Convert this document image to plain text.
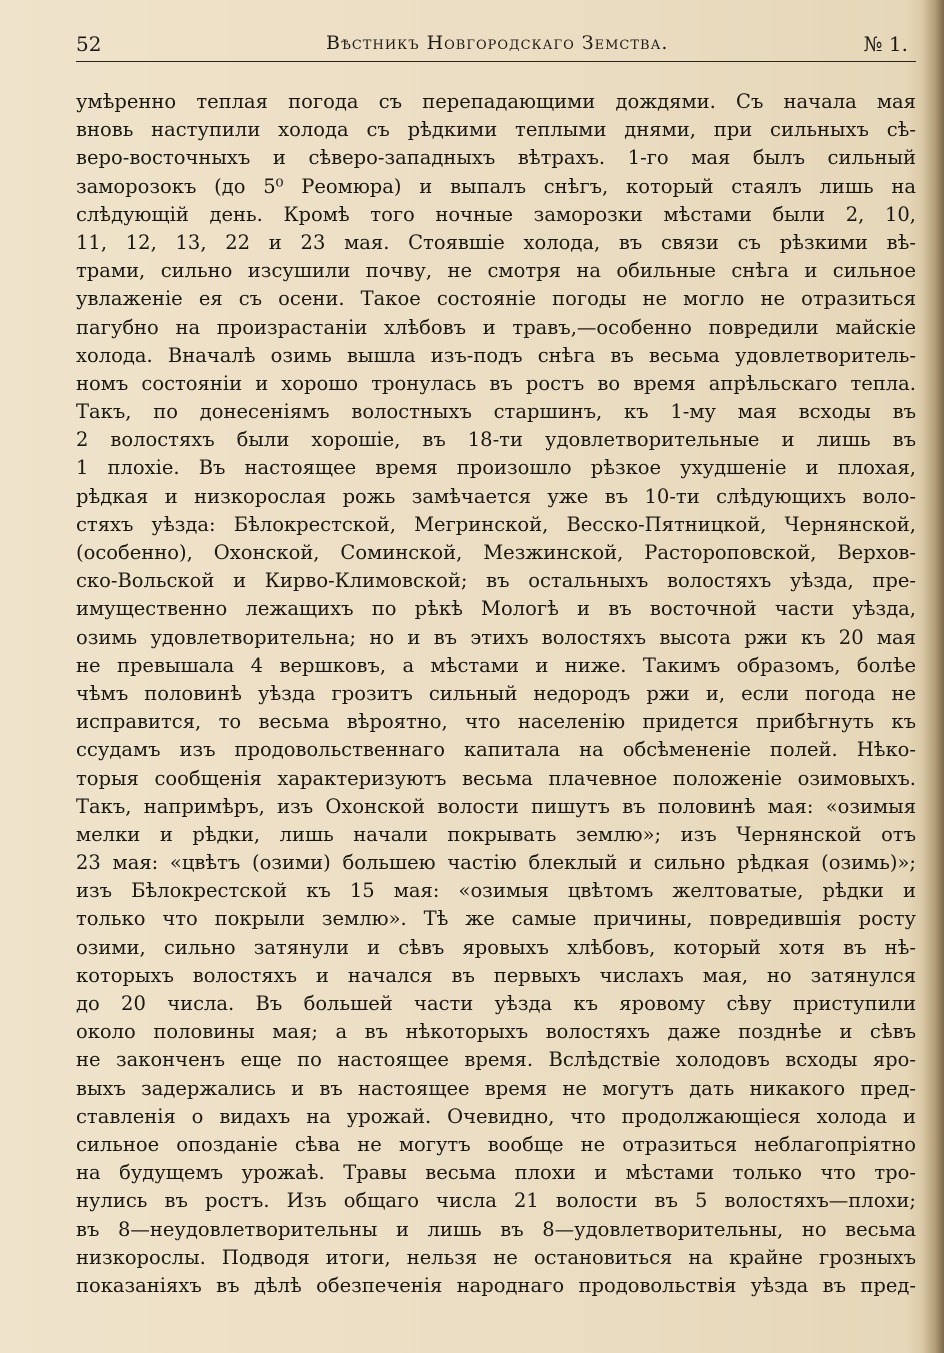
52	Вѣстникъ Новгородскаго Земства.	№ 1.
умѣренно теплая погода съ перепадающими дождями. Съ начала мая
вновь наступили холода съ рѣдкими теплыми днями, при сильныхъ сѣ-
веро-восточныхъ и сѣверо-западныхъ вѣтрахъ. 1-го мая былъ сильный
заморозокъ (до 5⁰ Реомюра) и выпалъ снѣгъ, который стаялъ лишь на
слѣдующій день. Кромѣ того ночные заморозки мѣстами были 2, 10,
11, 12, 13, 22 и 23 мая. Стоявшіе холода, въ связи съ рѣзкими вѣ-
трами, сильно изсушили почву, не смотря на обильные снѣга и сильное
увлаженіе ея съ осени. Такое состояніе погоды не могло не отразиться
пагубно на произрастаніи хлѣбовъ и травъ,—особенно повредили майскіе
холода. Вначалѣ озимь вышла изъ-подъ снѣга въ весьма удовлетворитель-
номъ состояніи и хорошо тронулась въ ростъ во время апрѣльскаго тепла.
Такъ, по донесеніямъ волостныхъ старшинъ, къ 1-му мая всходы въ
2 волостяхъ были хорошіе, въ 18-ти удовлетворительные и лишь въ
1 плохіе. Въ настоящее время произошло рѣзкое ухудшеніе и плохая,
рѣдкая и низкорослая рожь замѣчается уже въ 10-ти слѣдующихъ воло-
стяхъ уѣзда: Бѣлокрестской, Мегринской, Весско-Пятницкой, Чернянской,
(особенно), Охонской, Соминской, Мезжинской, Растороповской, Верхов-
ско-Вольской и Кирво-Климовской; въ остальныхъ волостяхъ уѣзда, пре-
имущественно лежащихъ по рѣкѣ Мологѣ и въ восточной части уѣзда,
озимь удовлетворительна; но и въ этихъ волостяхъ высота ржи къ 20 мая
не превышала 4 вершковъ, а мѣстами и ниже. Такимъ образомъ, болѣе
чѣмъ половинѣ уѣзда грозитъ сильный недородъ ржи и, если погода не
исправится, то весьма вѣроятно, что населенію придется прибѣгнуть къ
ссудамъ изъ продовольственнаго капитала на обсѣмененіе полей. Нѣко-
торыя сообщенія характеризуютъ весьма плачевное положеніе озимовыхъ.
Такъ, напримѣръ, изъ Охонской волости пишутъ въ половинѣ мая: «озимыя
мелки и рѣдки, лишь начали покрывать землю»; изъ Чернянской отъ
23 мая: «цвѣтъ (озими) большею частію блеклый и сильно рѣдкая (озимь)»;
изъ Бѣлокрестской къ 15 мая: «озимыя цвѣтомъ желтоватые, рѣдки и
только что покрыли землю». Тѣ же самые причины, повредившія росту
озими, сильно затянули и сѣвъ яровыхъ хлѣбовъ, который хотя въ нѣ-
которыхъ волостяхъ и начался въ первыхъ числахъ мая, но затянулся
до 20 числа. Въ большей части уѣзда къ яровому сѣву приступили
около половины мая; а въ нѣкоторыхъ волостяхъ даже позднѣе и сѣвъ
не законченъ еще по настоящее время. Вслѣдствіе холодовъ всходы яро-
выхъ задержались и въ настоящее время не могутъ дать никакого пред-
ставленія о видахъ на урожай. Очевидно, что продолжающіеся холода и
сильное опозданіе сѣва не могутъ вообще не отразиться неблагопріятно
на будущемъ урожаѣ. Травы весьма плохи и мѣстами только что тро-
нулись въ ростъ. Изъ общаго числа 21 волости въ 5 волостяхъ—плохи;
въ 8—неудовлетворительны и лишь въ 8—удовлетворительны, но весьма
низкорослы. Подводя итоги, нельзя не остановиться на крайне грозныхъ
показаніяхъ въ дѣлѣ обезпеченія народнаго продовольствія уѣзда въ пред-
